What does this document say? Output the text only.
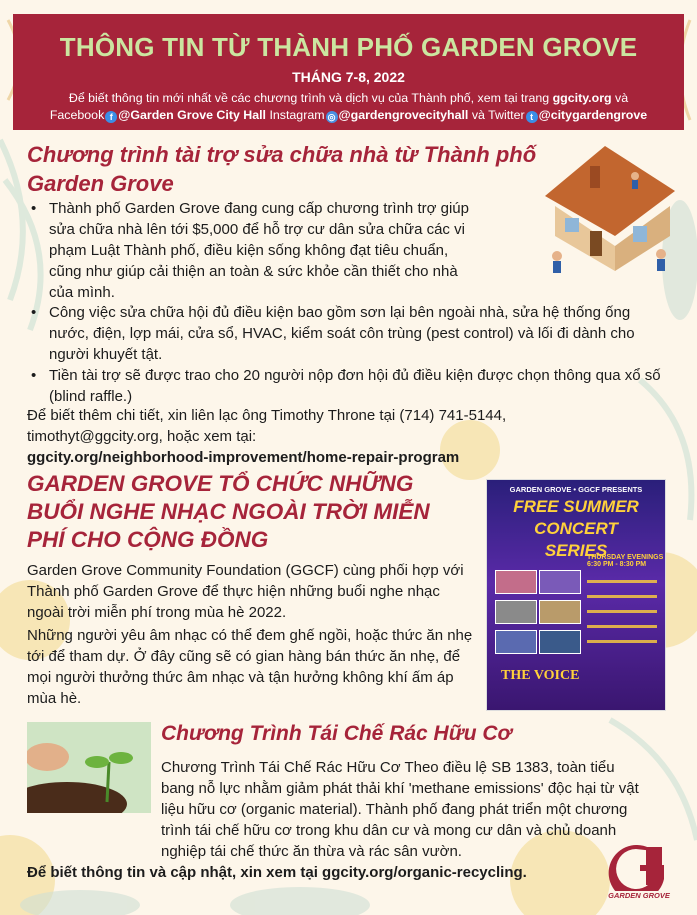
THÔNG TIN TỪ THÀNH PHỐ GARDEN GROVE
THÁNG 7-8, 2022
Để biết thông tin mới nhất về các chương trình và dịch vụ của Thành phố, xem tại trang ggcity.org và
Facebook f @Garden Grove City Hall Instagram ◎ @gardengrovecityhall và Twitter t @citygardengrove
Chương trình tài trợ sửa chữa nhà từ Thành phố Garden Grove
• Thành phố Garden Grove đang cung cấp chương trình trợ giúp sửa chữa nhà lên tới $5,000 để hỗ trợ cư dân sửa chữa các vi phạm Luật Thành phố, điều kiện sống không đạt tiêu chuẩn, cũng như giúp cải thiện an toàn & sức khỏe cần thiết cho nhà của mình.
• Công việc sửa chữa hội đủ điều kiện bao gồm sơn lại bên ngoài nhà, sửa hệ thống ống nước, điện, lợp mái, cửa sổ, HVAC, kiểm soát côn trùng (pest control) và lối đi dành cho người khuyết tật.
• Tiền tài trợ sẽ được trao cho 20 người nộp đơn hội đủ điều kiện được chọn thông qua xổ số (blind raffle.)

Để biết thêm chi tiết, xin liên lạc ông Timothy Throne tại (714) 741-5144, timothyt@ggcity.org, hoặc xem tại:

ggcity.org/neighborhood-improvement/home-repair-program

GARDEN GROVE TỔ CHỨC NHỮNG BUỔI NGHE NHẠC NGOÀI TRỜI MIỄN PHÍ CHO CỘNG ĐỒNG

Garden Grove Community Foundation (GGCF) cùng phối hợp với Thành phố Garden Grove để thực hiện những buổi nghe nhạc ngoài trời miễn phí trong mùa hè 2022.

Những người yêu âm nhạc có thể đem ghế ngồi, hoặc thức ăn nhẹ tới để tham dự. Ở đây cũng sẽ có gian hàng bán thức ăn nhẹ, để mọi người thưởng thức âm nhạc và tận hưởng không khí ấm áp mùa hè.

GARDEN GROVE • GGCF PRESENTS
FREE SUMMER
CONCERT
SERIES
THURSDAY EVENINGS
6:30 PM - 8:30 PM
THE VOICE
Chương Trình Tái Chế Rác Hữu Cơ

Chương Trình Tái Chế Rác Hữu Cơ Theo điều lệ SB 1383, toàn tiểu bang nỗ lực nhằm giảm phát thải khí 'methane emissions' độc hại từ vật liệu hữu cơ (organic material). Thành phố đang phát triển một chương trình tái chế hữu cơ trong khu dân cư và mong cư dân và chủ doanh nghiệp tái chế thức ăn thừa và rác sân vườn.

Để biết thông tin và cập nhật, xin xem tại ggcity.org/organic-recycling.

GARDEN GROVE
